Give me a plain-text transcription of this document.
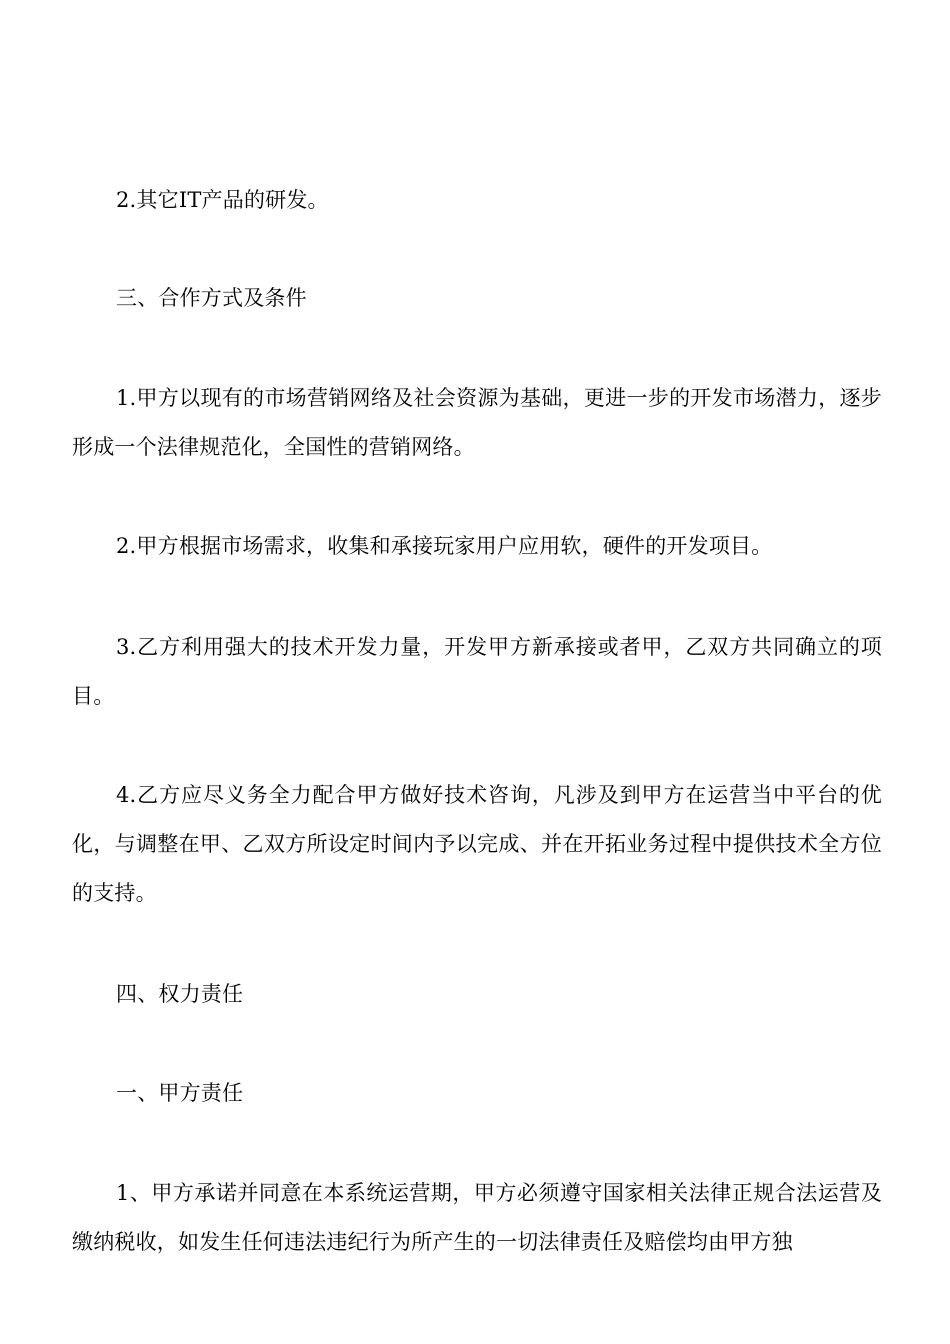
2.其它IT产品的研发。

三、合作方式及条件

1.甲方以现有的市场营销网络及社会资源为基础，更进一步的开发市场潜力，逐步形成一个法律规范化，全国性的营销网络。

2.甲方根据市场需求，收集和承接玩家用户应用软，硬件的开发项目。

3.乙方利用强大的技术开发力量，开发甲方新承接或者甲，乙双方共同确立的项目。

4.乙方应尽义务全力配合甲方做好技术咨询，凡涉及到甲方在运营当中平台的优化，与调整在甲、乙双方所设定时间内予以完成、并在开拓业务过程中提供技术全方位的支持。

四、权力责任

一、甲方责任

1、甲方承诺并同意在本系统运营期，甲方必须遵守国家相关法律正规合法运营及缴纳税收，如发生任何违法违纪行为所产生的一切法律责任及赔偿均由甲方独
